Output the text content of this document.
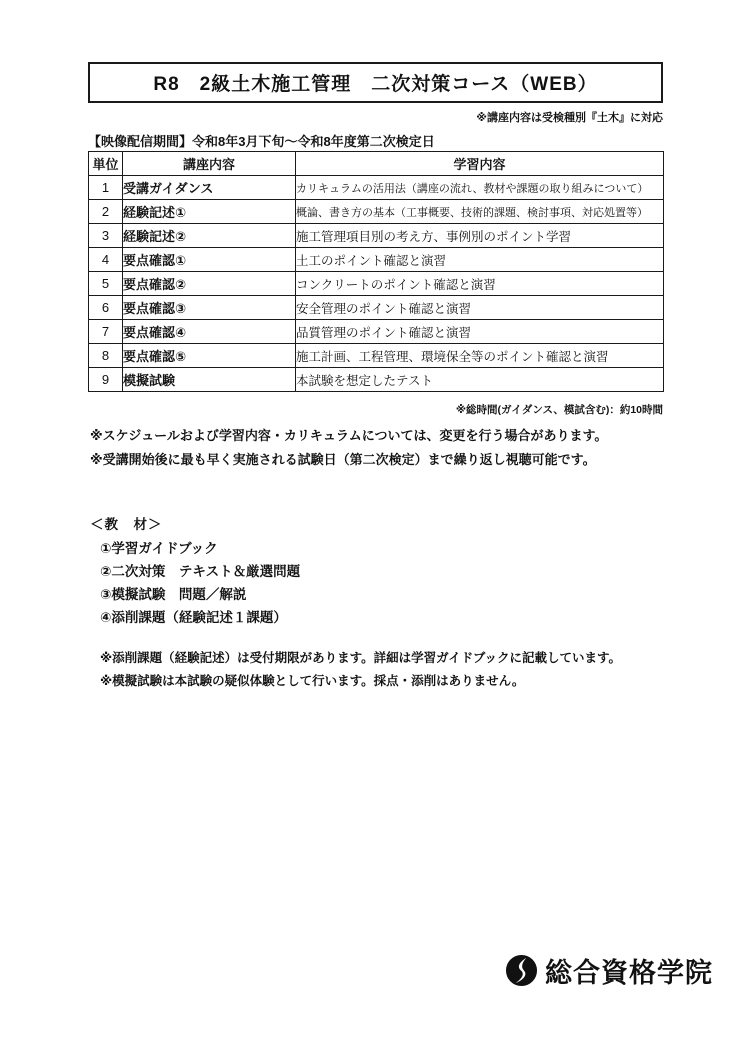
R8　2級土木施工管理　二次対策コース（WEB）
※講座内容は受検種別『土木』に対応
【映像配信期間】令和8年3月下旬～令和8年度第二次検定日
単位	講座内容	学習内容
1	受講ガイダンス	カリキュラムの活用法（講座の流れ、教材や課題の取り組みについて）
2	経験記述①	概論、書き方の基本（工事概要、技術的課題、検討事項、対応処置等）
3	経験記述②	施工管理項目別の考え方、事例別のポイント学習
4	要点確認①	土工のポイント確認と演習
5	要点確認②	コンクリートのポイント確認と演習
6	要点確認③	安全管理のポイント確認と演習
7	要点確認④	品質管理のポイント確認と演習
8	要点確認⑤	施工計画、工程管理、環境保全等のポイント確認と演習
9	模擬試験	本試験を想定したテスト
※総時間(ガイダンス、模試含む)：約10時間
※スケジュールおよび学習内容・カリキュラムについては、変更を行う場合があります。
※受講開始後に最も早く実施される試験日（第二次検定）まで繰り返し視聴可能です。
＜教　材＞
①学習ガイドブック
②二次対策　テキスト＆厳選問題
③模擬試験　問題／解説
④添削課題（経験記述１課題）
※添削課題（経験記述）は受付期限があります。詳細は学習ガイドブックに記載しています。
※模擬試験は本試験の疑似体験として行います。採点・添削はありません。
総合資格学院
